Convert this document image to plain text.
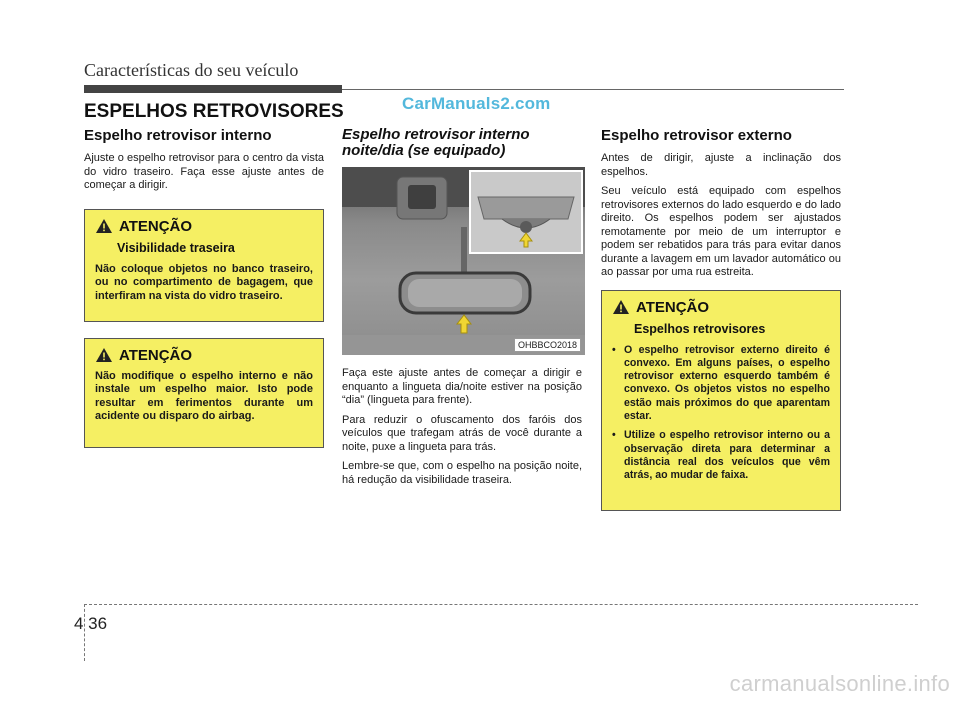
Características do seu veículo
CarManuals2.com
ESPELHOS RETROVISORES
Espelho retrovisor interno

Ajuste o espelho retrovisor para o centro da vista do vidro traseiro. Faça esse ajuste antes de começar a dirigir.

ATENÇÃO
Visibilidade traseira

Não coloque objetos no banco traseiro, ou no compartimento de bagagem, que interfiram na vista do vidro traseiro.

ATENÇÃO

Não modifique o espelho interno e não instale um espelho maior. Isto pode resultar em ferimentos durante um acidente ou disparo do airbag.

Espelho retrovisor interno noite/dia (se equipado)
OHBBCO2018

Faça este ajuste antes de começar a dirigir e enquanto a lingueta dia/noite estiver na posição “dia” (lingueta para frente).

Para reduzir o ofuscamento dos faróis dos veículos que trafegam atrás de você durante a noite, puxe a lingueta para trás.

Lembre-se que, com o espelho na posição noite, há redução da visibilidade traseira.

Espelho retrovisor externo

Antes de dirigir, ajuste a inclinação dos espelhos.

Seu veículo está equipado com espelhos retrovisores externos do lado esquerdo e do lado direito. Os espelhos podem ser ajustados remotamente por meio de um interruptor e podem ser rebatidos para trás para evitar danos durante a lavagem em um lavador automático ou ao passar por uma rua estreita.

ATENÇÃO
Espelhos retrovisores
• O espelho retrovisor externo direito é convexo. Em alguns países, o espelho retrovisor externo esquerdo também é convexo. Os objetos vistos no espelho estão mais próximos do que aparentam estar.
• Utilize o espelho retrovisor interno ou a observação direta para determinar a distância real dos veículos que vêm atrás, ao mudar de faixa.
4 36
carmanualsonline.info
